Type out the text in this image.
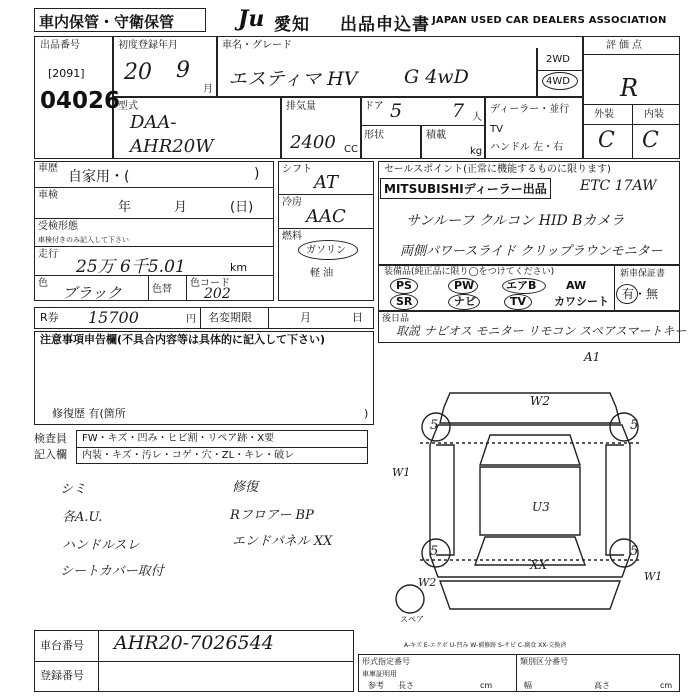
車内保管・守衛保管	Ju 愛知 出品申込書 JAPAN USED CAR DEALERS ASSOCIATION
出品番号
[2091]
04026
初度登録年月
20 9
月
車名・グレード
エスティマ HV G 4wD
2WD
4WD
評価点
R
外装	内装
C C
型式
DAA-
AHR20W
排気量
2400 CC
ドア 5	7 人
形状	積載
kg
ディーラー・並行
TV
ハンドル 左・右
車歴
自家用・(	)
車検
年	月	(日)
受検形態
車検付きのみ記入して下さい
走行
25万 6千5.01	km
色
ブラック	色替
色コード
202
シフト
AT
冷房
AAC
燃料
ガソリン
軽 油
セールスポイント(正常に機能するものに限ります)
MITSUBISHIディーラー出品 ETC 17AW
サンルーフ クルコン HID Bカメラ
両側パワースライド クリップラウンモニター
装備品(純正品に限り◯をつけてください)
PS	PW	エアB	AW
SR	ナビ	TV	カワシート
新車保証書
有・無
R券 15700	円 名変期限	月	日 後日品
取説 ナビオス モニター リモコン スペアスマートキー
注意事項申告欄(不具合内容等は具体的に記入して下さい)
修復歴 有(箇所	)
検査員
記入欄
FW・キズ・凹み・ヒビ割・リペア跡・X要
内装・キズ・汚レ・コゲ・穴・ZL・キレ・破レ
シミ
各A.U.
ハンドルスレ
シートカバー取付
修復
Rフロアー BP
エンドパネル XX
A1
W2
5	5
5	5
W1
U3
XX
W1
W2
スペア
A-キズ E-エクボ U-凹み W-補修跡 S-サビ C-腐食 XX-交換済
車台番号 AHR20-7026544
登録番号
形式指定番号
参考 長さ	cm
類別区分番号
幅	高さ	cm
車庫証明用
